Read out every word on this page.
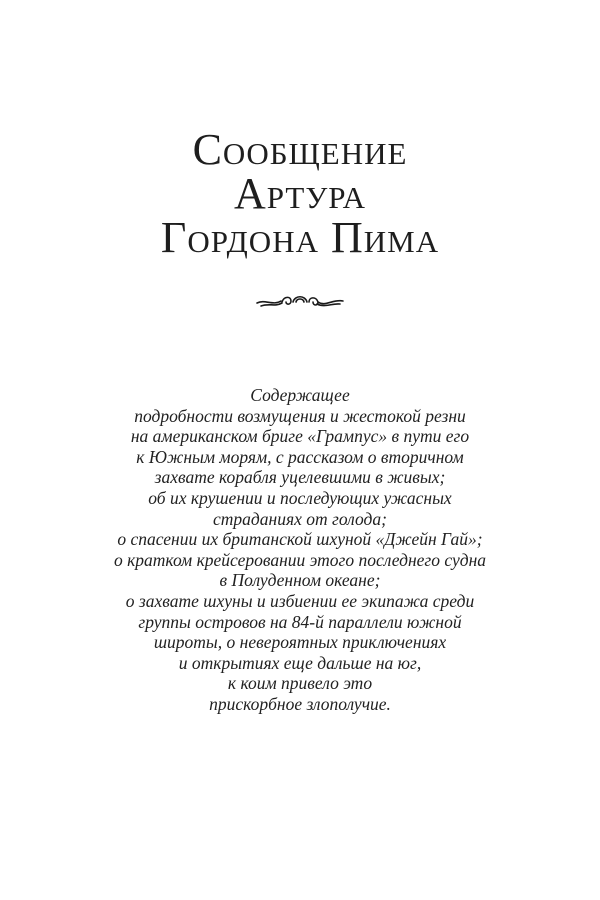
Сообщение
Артура
Гордона Пима
Содержащее
подробности возмущения и жестокой резни
на американском бриге «Грампус» в пути его
к Южным морям, с рассказом о вторичном
захвате корабля уцелевшими в живых;
об их крушении и последующих ужасных
страданиях от голода;
о спасении их британской шхуной «Джейн Гай»;
о кратком крейсеровании этого последнего судна
в Полуденном океане;
о захвате шхуны и избиении ее экипажа среди
группы островов на 84-й параллели южной
широты, о невероятных приключениях
и открытиях еще дальше на юг,
к коим привело это
прискорбное злополучие.
